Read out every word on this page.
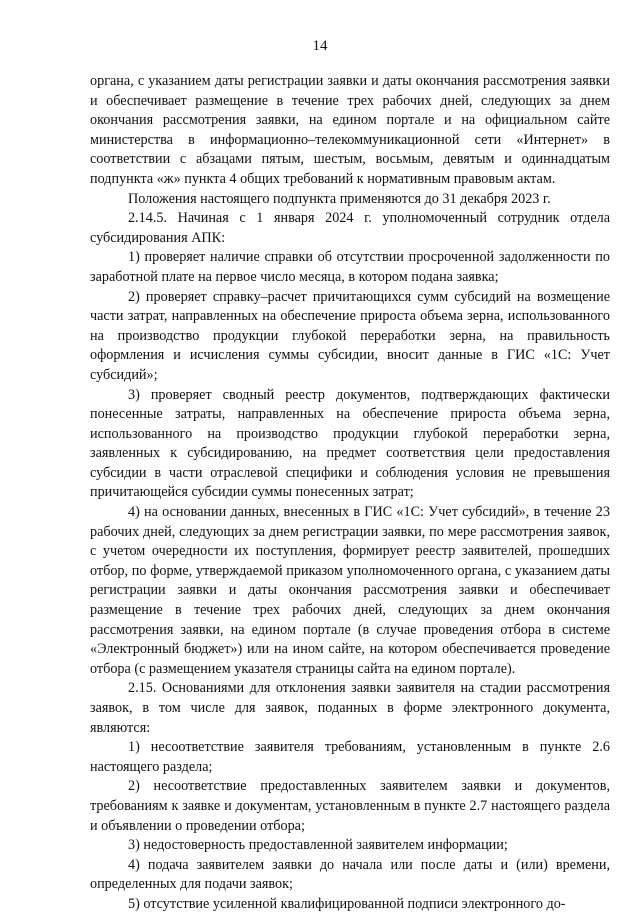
14

органа, с указанием даты регистрации заявки и даты окончания рассмотрения заявки и обеспечивает размещение в течение трех рабочих дней, следующих за днем окончания рассмотрения заявки, на едином портале и на официальном сайте министерства в информационно–телекоммуникационной сети «Интернет» в соответствии с абзацами пятым, шестым, восьмым, девятым и одиннадцатым подпункта «ж» пункта 4 общих требований к нормативным правовым актам.

Положения настоящего подпункта применяются до 31 декабря 2023 г.

2.14.5. Начиная с 1 января 2024 г. уполномоченный сотрудник отдела субсидирования АПК:

1) проверяет наличие справки об отсутствии просроченной задолженности по заработной плате на первое число месяца, в котором подана заявка;

2) проверяет справку–расчет причитающихся сумм субсидий на возмещение части затрат, направленных на обеспечение прироста объема зерна, использованного на производство продукции глубокой переработки зерна, на правильность оформления и исчисления суммы субсидии, вносит данные в ГИС «1С: Учет субсидий»;

3) проверяет сводный реестр документов, подтверждающих фактически понесенные затраты, направленных на обеспечение прироста объема зерна, использованного на производство продукции глубокой переработки зерна, заявленных к субсидированию, на предмет соответствия цели предоставления субсидии в части отраслевой специфики и соблюдения условия не превышения причитающейся субсидии суммы понесенных затрат;

4) на основании данных, внесенных в ГИС «1С: Учет субсидий», в течение 23 рабочих дней, следующих за днем регистрации заявки, по мере рассмотрения заявок, с учетом очередности их поступления, формирует реестр заявителей, прошедших отбор, по форме, утверждаемой приказом уполномоченного органа, с указанием даты регистрации заявки и даты окончания рассмотрения заявки и обеспечивает размещение в течение трех рабочих дней, следующих за днем окончания рассмотрения заявки, на едином портале (в случае проведения отбора в системе «Электронный бюджет») или на ином сайте, на котором обеспечивается проведение отбора (с размещением указателя страницы сайта на едином портале).

2.15. Основаниями для отклонения заявки заявителя на стадии рассмотрения заявок, в том числе для заявок, поданных в форме электронного документа, являются:

1) несоответствие заявителя требованиям, установленным в пункте 2.6 настоящего раздела;

2) несоответствие предоставленных заявителем заявки и документов, требованиям к заявке и документам, установленным в пункте 2.7 настоящего раздела и объявлении о проведении отбора;

3) недостоверность предоставленной заявителем информации;

4) подача заявителем заявки до начала или после даты и (или) времени, определенных для подачи заявок;

5) отсутствие усиленной квалифицированной подписи электронного до-
